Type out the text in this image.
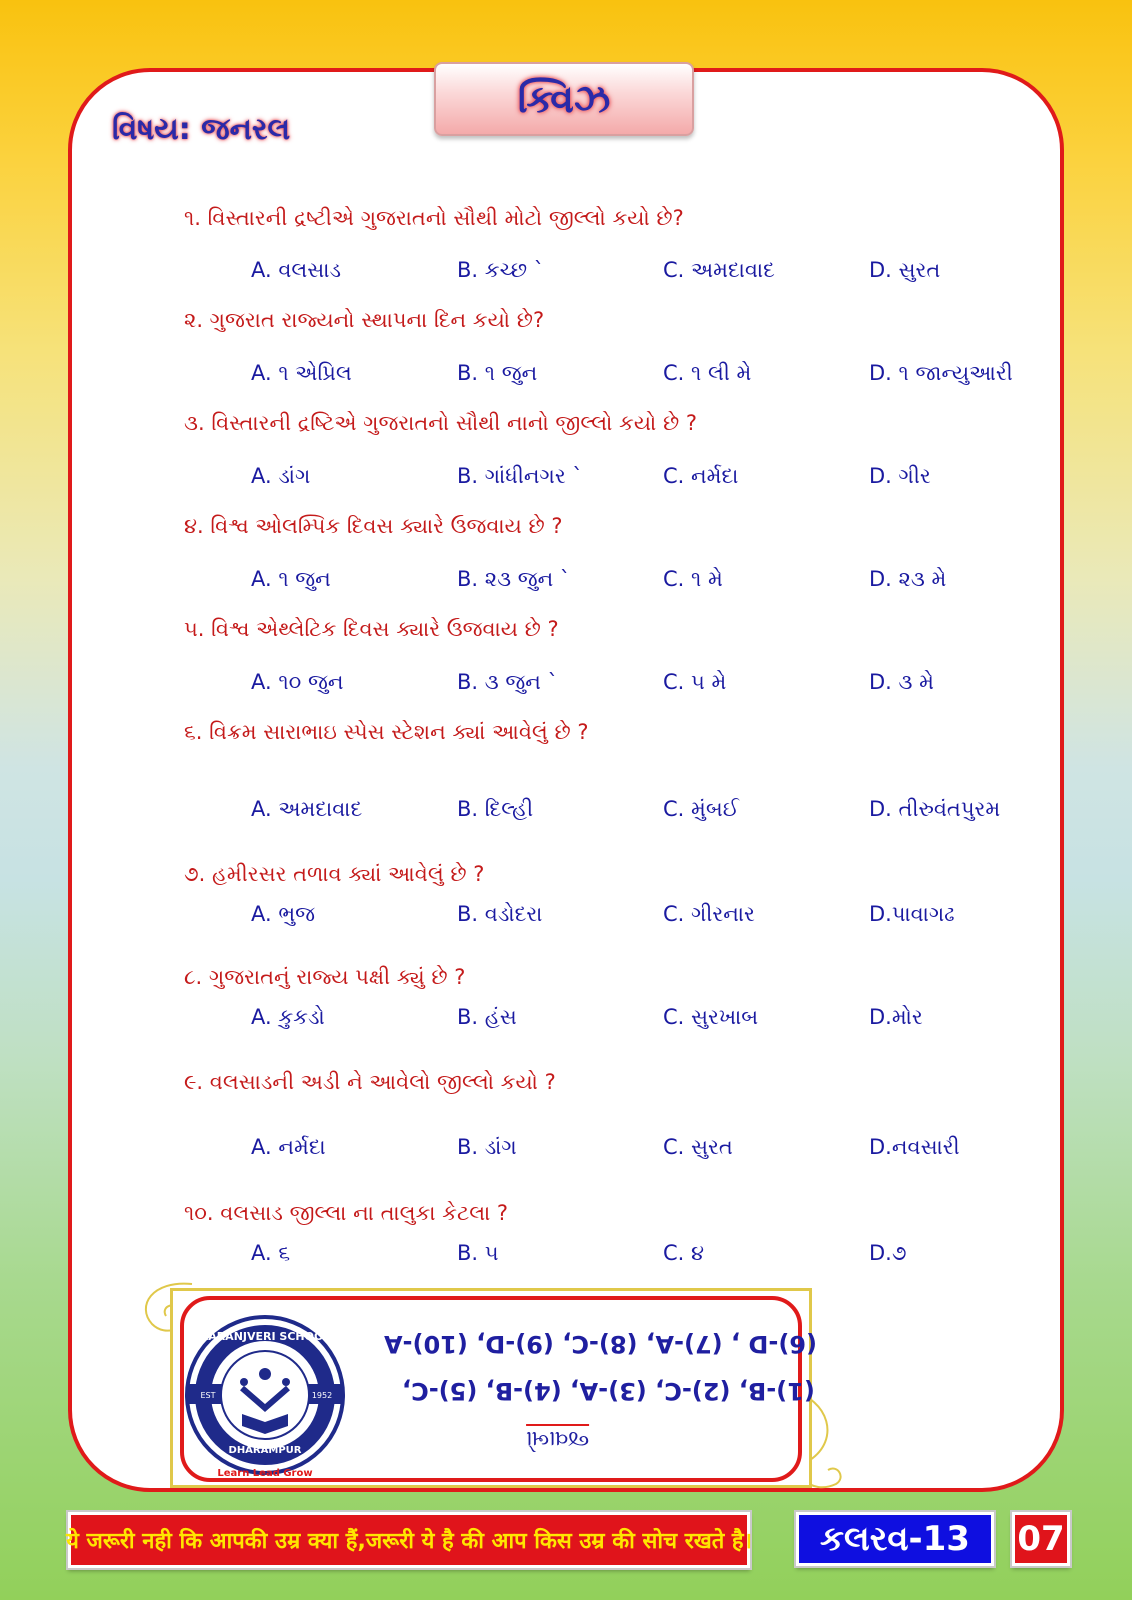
ક્વિઝ
વિષય: જનરલ
૧. વિસ્તારની દ્રષ્ટીએ ગુજરાતનો સૌથી મોટો જીલ્લો કયો છે?
A. વલસાડ	B. કચ્છ `	C. અમદાવાદ	D. સુરત
૨. ગુજરાત રાજ્યનો સ્થાપના દિન કયો છે?
A. ૧ એપ્રિલ	B. ૧ જુન	C. ૧ લી મે	D. ૧ જાન્યુઆરી
૩. વિસ્તારની દ્રષ્ટિએ ગુજરાતનો સૌથી નાનો જીલ્લો કયો છે ?
A. ડાંગ	B. ગાંધીનગર `	C. નર્મદા	D. ગીર
૪. વિશ્વ ઓલમ્પિક દિવસ ક્યારે ઉજવાય છે ?
A. ૧ જુન	B. ૨૩ જુન `	C. ૧ મે	D. ૨૩ મે
૫. વિશ્વ એથ્લેટિક દિવસ ક્યારે ઉજવાય છે ?
A. ૧૦ જુન	B. ૩ જુન `	C. ૫ મે	D. ૩ મે
૬. વિક્રમ સારાભાઇ સ્પેસ સ્ટેશન ક્યાં આવેલું છે ?
A. અમદાવાદ	B. દિલ્હી	C. મુંબઈ	D. તીરુવંતપુરમ
૭. હમીરસર તળાવ ક્યાં આવેલું છે ?
A. ભુજ	B. વડોદરા	C. ગીરનાર	D.પાવાગઢ
૮. ગુજરાતનું રાજ્ય પક્ષી ક્યું છે ?
A. કુકડો	B. હંસ	C. સુરખાબ	D.મોર
૯. વલસાડની અડી ને આવેલો જીલ્લો કયો ?
A. નર્મદા	B. ડાંગ	C. સુરત	D.નવસારી
૧૦. વલસાડ જીલ્લા ના તાલુકા કેટલા ?
A. ૬	B. ૫	C. ૪	D.૭
KARANJVERI SCHOOL
EST	1952
DHARAMPUR
Learn Lead Grow
(6)-D , (7)-A, (8)-C, (9)-D, (10)-A
(1)-B, (2)-C, (3)-A, (4)-B, (5)-C,
જવાબો
ये जरूरी नही कि आपकी उम्र क्या हैं,जरूरी ये है की आप किस उम्र की सोच रखते है। કલરવ-13 07
